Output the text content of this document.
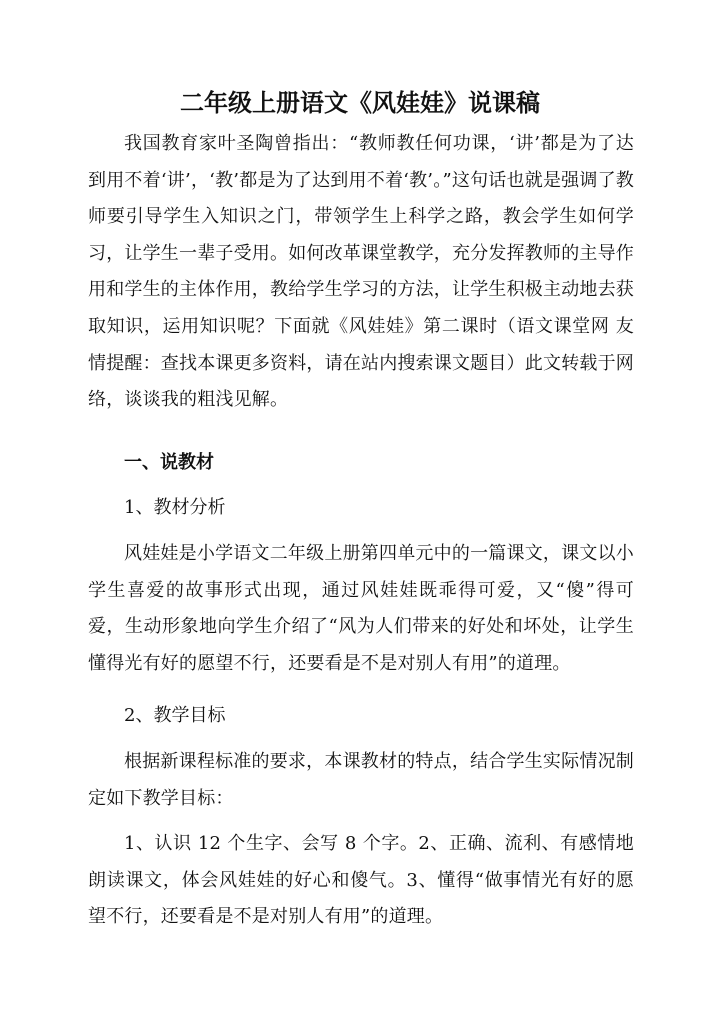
二年级上册语文《风娃娃》说课稿
我国教育家叶圣陶曾指出：“教师教任何功课，‘讲’都是为了达到用不着‘讲’，‘教’都是为了达到用不着‘教’。”这句话也就是强调了教师要引导学生入知识之门，带领学生上科学之路，教会学生如何学习，让学生一辈子受用。如何改革课堂教学，充分发挥教师的主导作用和学生的主体作用，教给学生学习的方法，让学生积极主动地去获取知识，运用知识呢？下面就《风娃娃》第二课时（语文课堂网 友情提醒：查找本课更多资料，请在站内搜索课文题目）此文转载于网络，谈谈我的粗浅见解。
一、说教材
1、教材分析
风娃娃是小学语文二年级上册第四单元中的一篇课文，课文以小学生喜爱的故事形式出现，通过风娃娃既乖得可爱，又“傻”得可爱，生动形象地向学生介绍了“风为人们带来的好处和坏处，让学生懂得光有好的愿望不行，还要看是不是对别人有用”的道理。
2、教学目标
根据新课程标准的要求，本课教材的特点，结合学生实际情况制定如下教学目标：
1、认识 12 个生字、会写 8 个字。2、正确、流利、有感情地朗读课文，体会风娃娃的好心和傻气。3、懂得“做事情光有好的愿望不行，还要看是不是对别人有用”的道理。
